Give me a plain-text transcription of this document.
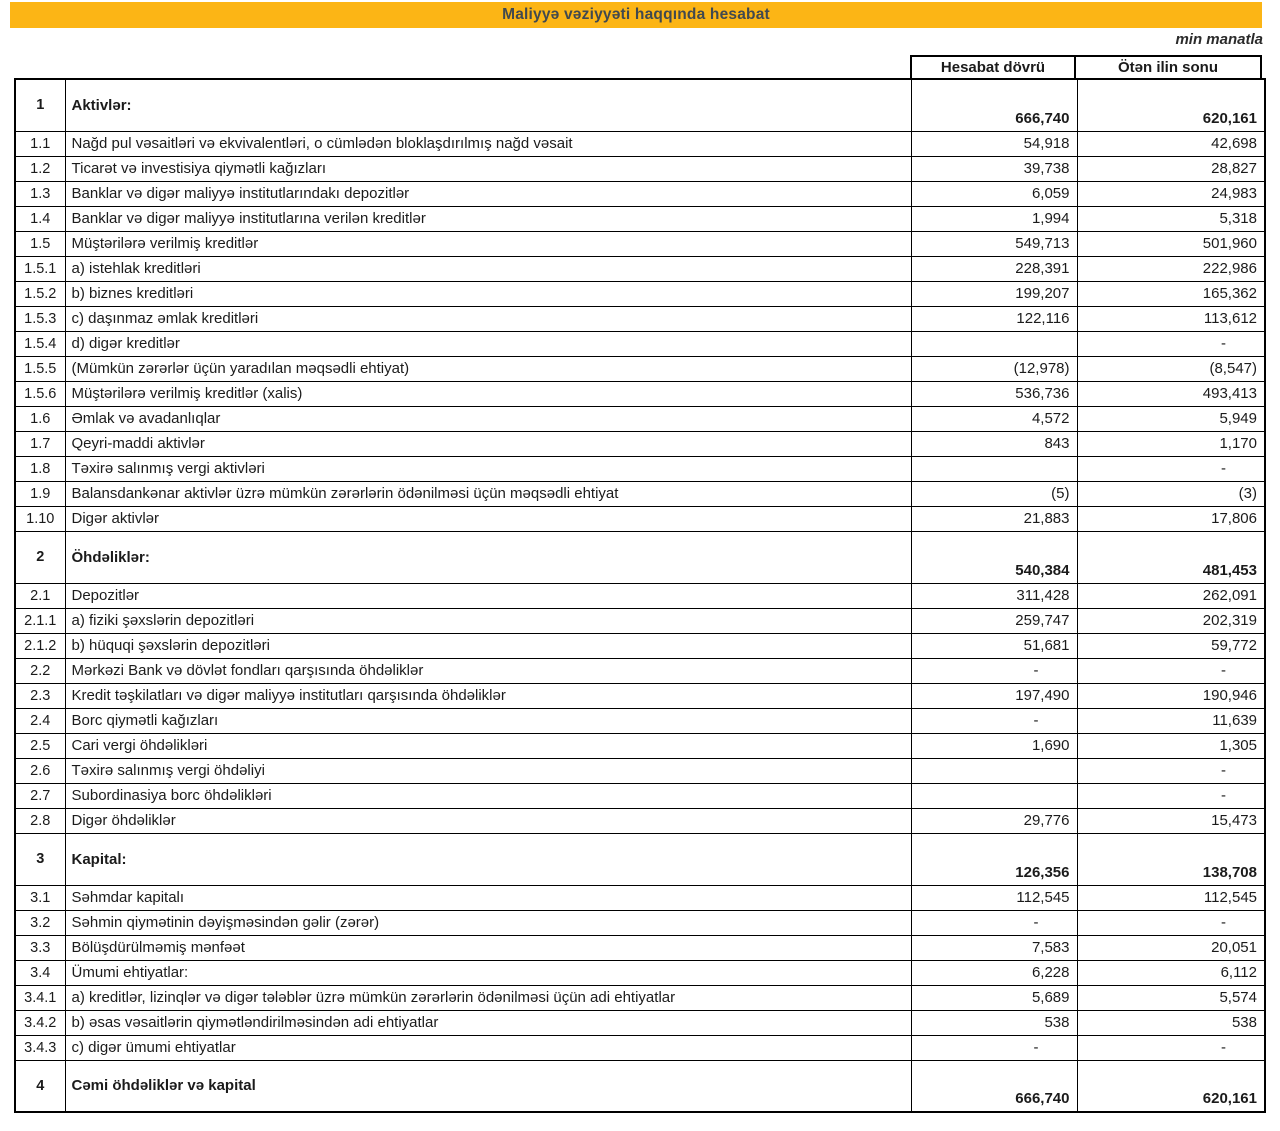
Maliyyə vəziyyəti haqqında hesabat
min manatla
Hesabat dövrü	Ötən ilin sonu
1	Aktivlər:	666,740	620,161
1.1	Nağd pul vəsaitləri və ekvivalentləri, o cümlədən bloklaşdırılmış nağd vəsait	54,918	42,698
1.2	Ticarət və investisiya qiymətli kağızları	39,738	28,827
1.3	Banklar və digər maliyyə institutlarındakı depozitlər	6,059	24,983
1.4	Banklar və digər maliyyə institutlarına verilən kreditlər	1,994	5,318
1.5	Müştərilərə verilmiş kreditlər	549,713	501,960
1.5.1	a) istehlak kreditləri	228,391	222,986
1.5.2	b) biznes kreditləri	199,207	165,362
1.5.3	c) daşınmaz əmlak kreditləri	122,116	113,612
1.5.4	d) digər kreditlər		-
1.5.5	(Mümkün zərərlər üçün yaradılan məqsədli ehtiyat)	(12,978)	(8,547)
1.5.6	Müştərilərə verilmiş kreditlər (xalis)	536,736	493,413
1.6	Əmlak və avadanlıqlar	4,572	5,949
1.7	Qeyri-maddi aktivlər	843	1,170
1.8	Təxirə salınmış vergi aktivləri		-
1.9	Balansdankənar aktivlər üzrə mümkün zərərlərin ödənilməsi üçün məqsədli ehtiyat	(5)	(3)
1.10	Digər aktivlər	21,883	17,806
2	Öhdəliklər:	540,384	481,453
2.1	Depozitlər	311,428	262,091
2.1.1	a) fiziki şəxslərin depozitləri	259,747	202,319
2.1.2	b) hüquqi şəxslərin depozitləri	51,681	59,772
2.2	Mərkəzi Bank və dövlət fondları qarşısında öhdəliklər	-	-
2.3	Kredit təşkilatları və digər maliyyə institutları qarşısında öhdəliklər	197,490	190,946
2.4	Borc qiymətli kağızları	-	11,639
2.5	Cari vergi öhdəlikləri	1,690	1,305
2.6	Təxirə salınmış vergi öhdəliyi		-
2.7	Subordinasiya borc öhdəlikləri		-
2.8	Digər öhdəliklər	29,776	15,473
3	Kapital:	126,356	138,708
3.1	Səhmdar kapitalı	112,545	112,545
3.2	Səhmin qiymətinin dəyişməsindən gəlir (zərər)	-	-
3.3	Bölüşdürülməmiş mənfəət	7,583	20,051
3.4	Ümumi ehtiyatlar:	6,228	6,112
3.4.1	a) kreditlər, lizinqlər və digər tələblər üzrə mümkün zərərlərin ödənilməsi üçün adi ehtiyatlar	5,689	5,574
3.4.2	b) əsas vəsaitlərin qiymətləndirilməsindən adi ehtiyatlar	538	538
3.4.3	c) digər ümumi ehtiyatlar	-	-
4	Cəmi öhdəliklər və kapital	666,740	620,161
